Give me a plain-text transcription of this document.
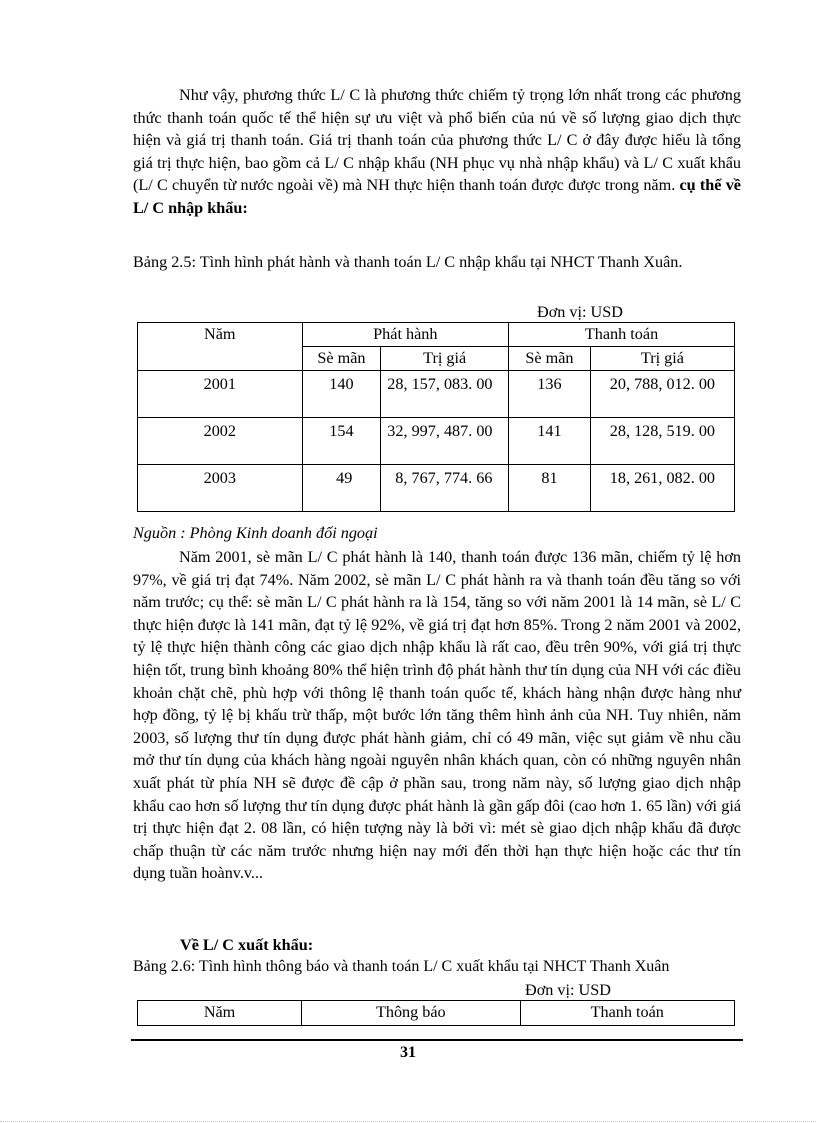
Như vậy, phương thức L/ C là phương thức chiếm tỷ trọng lớn nhất trong các phương thức thanh toán quốc tế thể hiện sự ưu việt và phổ biến của nú về số lượng giao dịch thực hiện và giá trị thanh toán. Giá trị thanh toán của phương thức L/ C ở đây được hiểu là tổng giá trị thực hiện, bao gồm cả L/ C nhập khẩu (NH phục vụ nhà nhập khẩu) và L/ C xuất khẩu (L/ C chuyển từ nước ngoài về) mà NH thực hiện thanh toán được được trong năm. cụ thể về L/ C nhập khẩu:

Bảng 2.5: Tình hình phát hành và thanh toán L/ C nhập khẩu tại NHCT Thanh Xuân.

Đơn vị: USD
Năm	Phát hành		Thanh toán	
	Sè mãn	Trị giá	Sè mãn	Trị giá
2001	140	28, 157, 083. 00	136	20, 788, 012. 00
2002	154	32, 997, 487. 00	141	28, 128, 519. 00
2003	49	8, 767, 774. 66	81	18, 261, 082. 00
Nguồn : Phòng Kinh doanh đối ngoại

Năm 2001, sè mãn L/ C phát hành là 140, thanh toán được 136 mãn, chiếm tỷ lệ hơn 97%, về giá trị đạt 74%. Năm 2002, sè mãn L/ C phát hành ra và thanh toán đều tăng so với năm trước; cụ thể: sè mãn L/ C phát hành ra là 154, tăng so với năm 2001 là 14 mãn, sè L/ C thực hiện được là 141 mãn, đạt tỷ lệ 92%, về giá trị đạt hơn 85%. Trong 2 năm 2001 và 2002, tỷ lệ thực hiện thành công các giao dịch nhập khẩu là rất cao, đều trên 90%, với giá trị thực hiện tốt, trung bình khoảng 80% thể hiện trình độ phát hành thư tín dụng của NH với các điều khoản chặt chẽ, phù hợp với thông lệ thanh toán quốc tế, khách hàng nhận được hàng như hợp đồng, tỷ lệ bị khấu trừ thấp, một bước lớn tăng thêm hình ảnh của NH. Tuy nhiên, năm 2003, số lượng thư tín dụng được phát hành giảm, chỉ có 49 mãn, việc sụt giảm về nhu cầu mở thư tín dụng của khách hàng ngoài nguyên nhân khách quan, còn có những nguyên nhân xuất phát từ phía NH sẽ được đề cập ở phần sau, trong năm này, số lượng giao dịch nhập khẩu cao hơn số lượng thư tín dụng được phát hành là gần gấp đôi (cao hơn 1. 65 lần) với giá trị thực hiện đạt 2. 08 lần, có hiện tượng này là bởi vì: mét sè giao dịch nhập khẩu đã được chấp thuận từ các năm trước nhưng hiện nay mới đến thời hạn thực hiện hoặc các thư tín dụng tuần hoànv.v...

Về L/ C xuất khẩu:
Bảng 2.6: Tình hình thông báo và thanh toán L/ C xuất khẩu tại NHCT Thanh Xuân
Đơn vị: USD
Năm	Thông báo	Thanh toán
31
